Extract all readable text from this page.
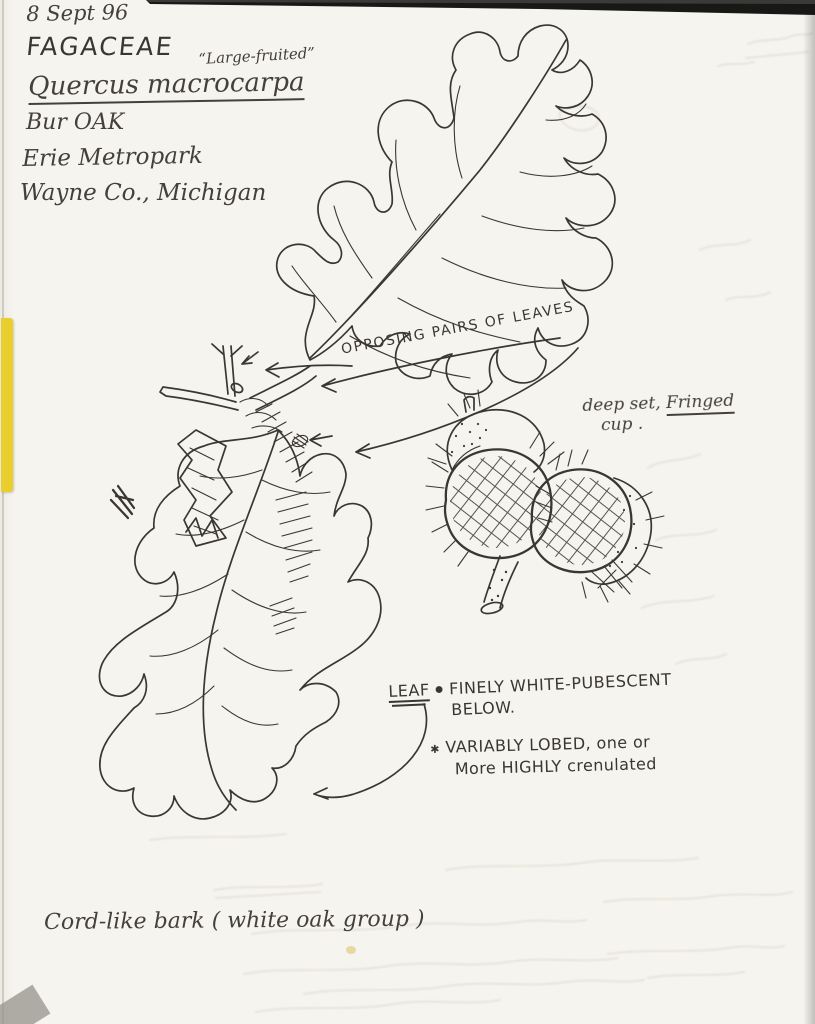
8 Sept 96
FAGACEAE “Large-fruited”
Quercus macrocarpa
Bur OAK
Erie Metropark
Wayne Co., Michigan
OPPOSING PAIRS OF LEAVES
deep set, Fringed
cup .
LEAF ● FINELY WHITE-PUBESCENT
BELOW.
✱ VARIABLY LOBED, one or
More HIGHLY crenulated
Cord-like bark ( white oak group )
